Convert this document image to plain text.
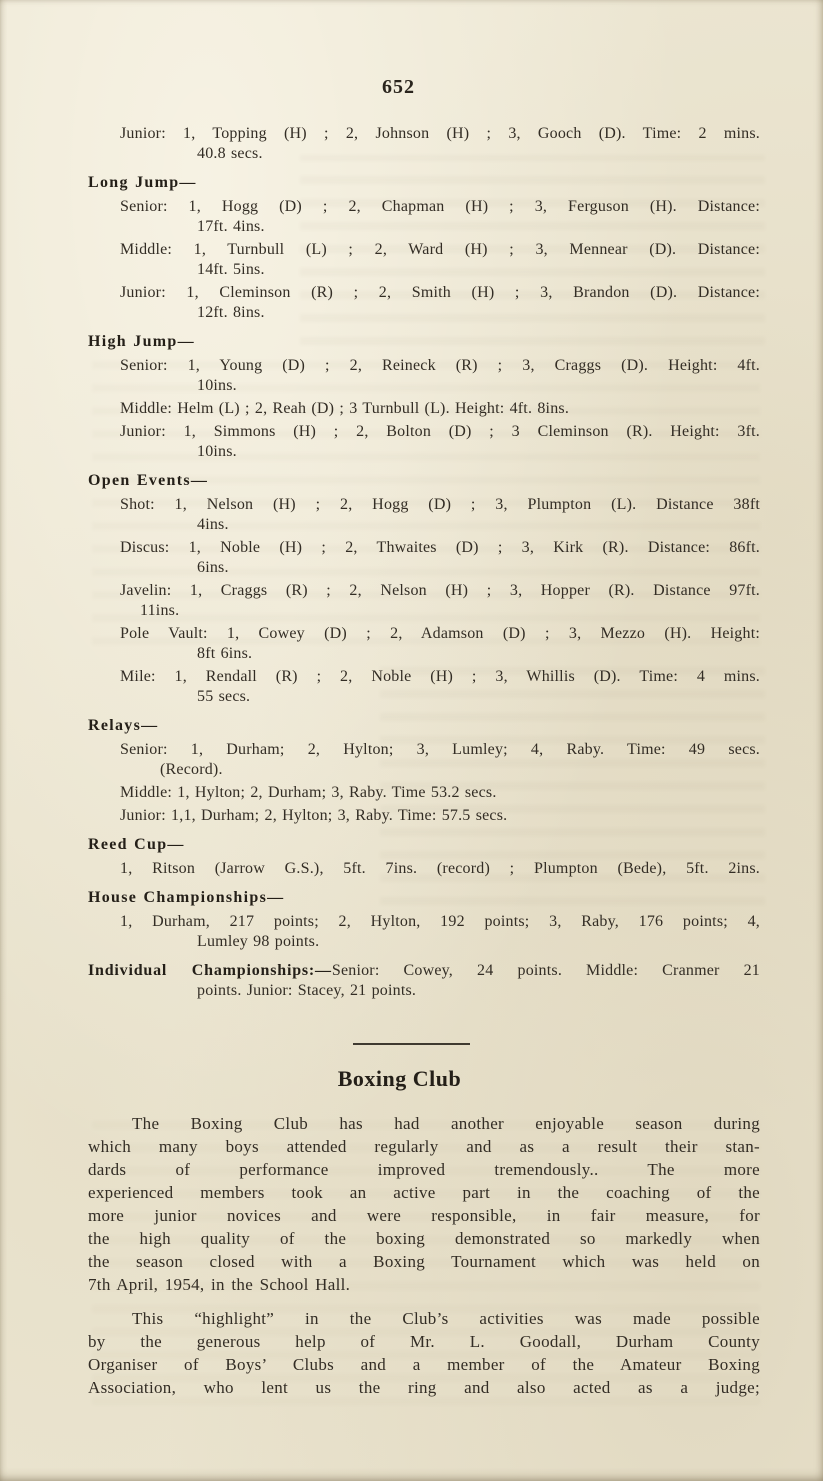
652
Junior: 1, Topping (H) ; 2, Johnson (H) ; 3, Gooch (D). Time: 2 mins.
40.8 secs.
Long Jump—
Senior: 1, Hogg (D) ; 2, Chapman (H) ; 3, Ferguson (H). Distance:
17ft. 4ins.
Middle: 1, Turnbull (L) ; 2, Ward (H) ; 3, Mennear (D). Distance:
14ft. 5ins.
Junior: 1, Cleminson (R) ; 2, Smith (H) ; 3, Brandon (D). Distance:
12ft. 8ins.
High Jump—
Senior: 1, Young (D) ; 2, Reineck (R) ; 3, Craggs (D). Height: 4ft.
10ins.
Middle: Helm (L) ; 2, Reah (D) ; 3 Turnbull (L). Height: 4ft. 8ins.
Junior: 1, Simmons (H) ; 2, Bolton (D) ; 3 Cleminson (R). Height: 3ft.
10ins.
Open Events—
Shot: 1, Nelson (H) ; 2, Hogg (D) ; 3, Plumpton (L). Distance 38ft
4ins.
Discus: 1, Noble (H) ; 2, Thwaites (D) ; 3, Kirk (R). Distance: 86ft.
6ins.
Javelin: 1, Craggs (R) ; 2, Nelson (H) ; 3, Hopper (R). Distance 97ft.
11ins.
Pole Vault: 1, Cowey (D) ; 2, Adamson (D) ; 3, Mezzo (H). Height:
8ft 6ins.
Mile: 1, Rendall (R) ; 2, Noble (H) ; 3, Whillis (D). Time: 4 mins.
55 secs.
Relays—
Senior: 1, Durham; 2, Hylton; 3, Lumley; 4, Raby. Time: 49 secs.
(Record).
Middle: 1, Hylton; 2, Durham; 3, Raby. Time 53.2 secs.
Junior: 1,1, Durham; 2, Hylton; 3, Raby. Time: 57.5 secs.
Reed Cup—
1, Ritson (Jarrow G.S.), 5ft. 7ins. (record) ; Plumpton (Bede), 5ft. 2ins.
House Championships—
1, Durham, 217 points; 2, Hylton, 192 points; 3, Raby, 176 points; 4,
Lumley 98 points.
Individual Championships:—Senior: Cowey, 24 points. Middle: Cranmer 21
points. Junior: Stacey, 21 points.
Boxing Club
The Boxing Club has had another enjoyable season during
which many boys attended regularly and as a result their stan-
dards of performance improved tremendously.. The more
experienced members took an active part in the coaching of the
more junior novices and were responsible, in fair measure, for
the high quality of the boxing demonstrated so markedly when
the season closed with a Boxing Tournament which was held on
7th April, 1954, in the School Hall.
This “highlight” in the Club’s activities was made possible
by the generous help of Mr. L. Goodall, Durham County
Organiser of Boys’ Clubs and a member of the Amateur Boxing
Association, who lent us the ring and also acted as a judge;
